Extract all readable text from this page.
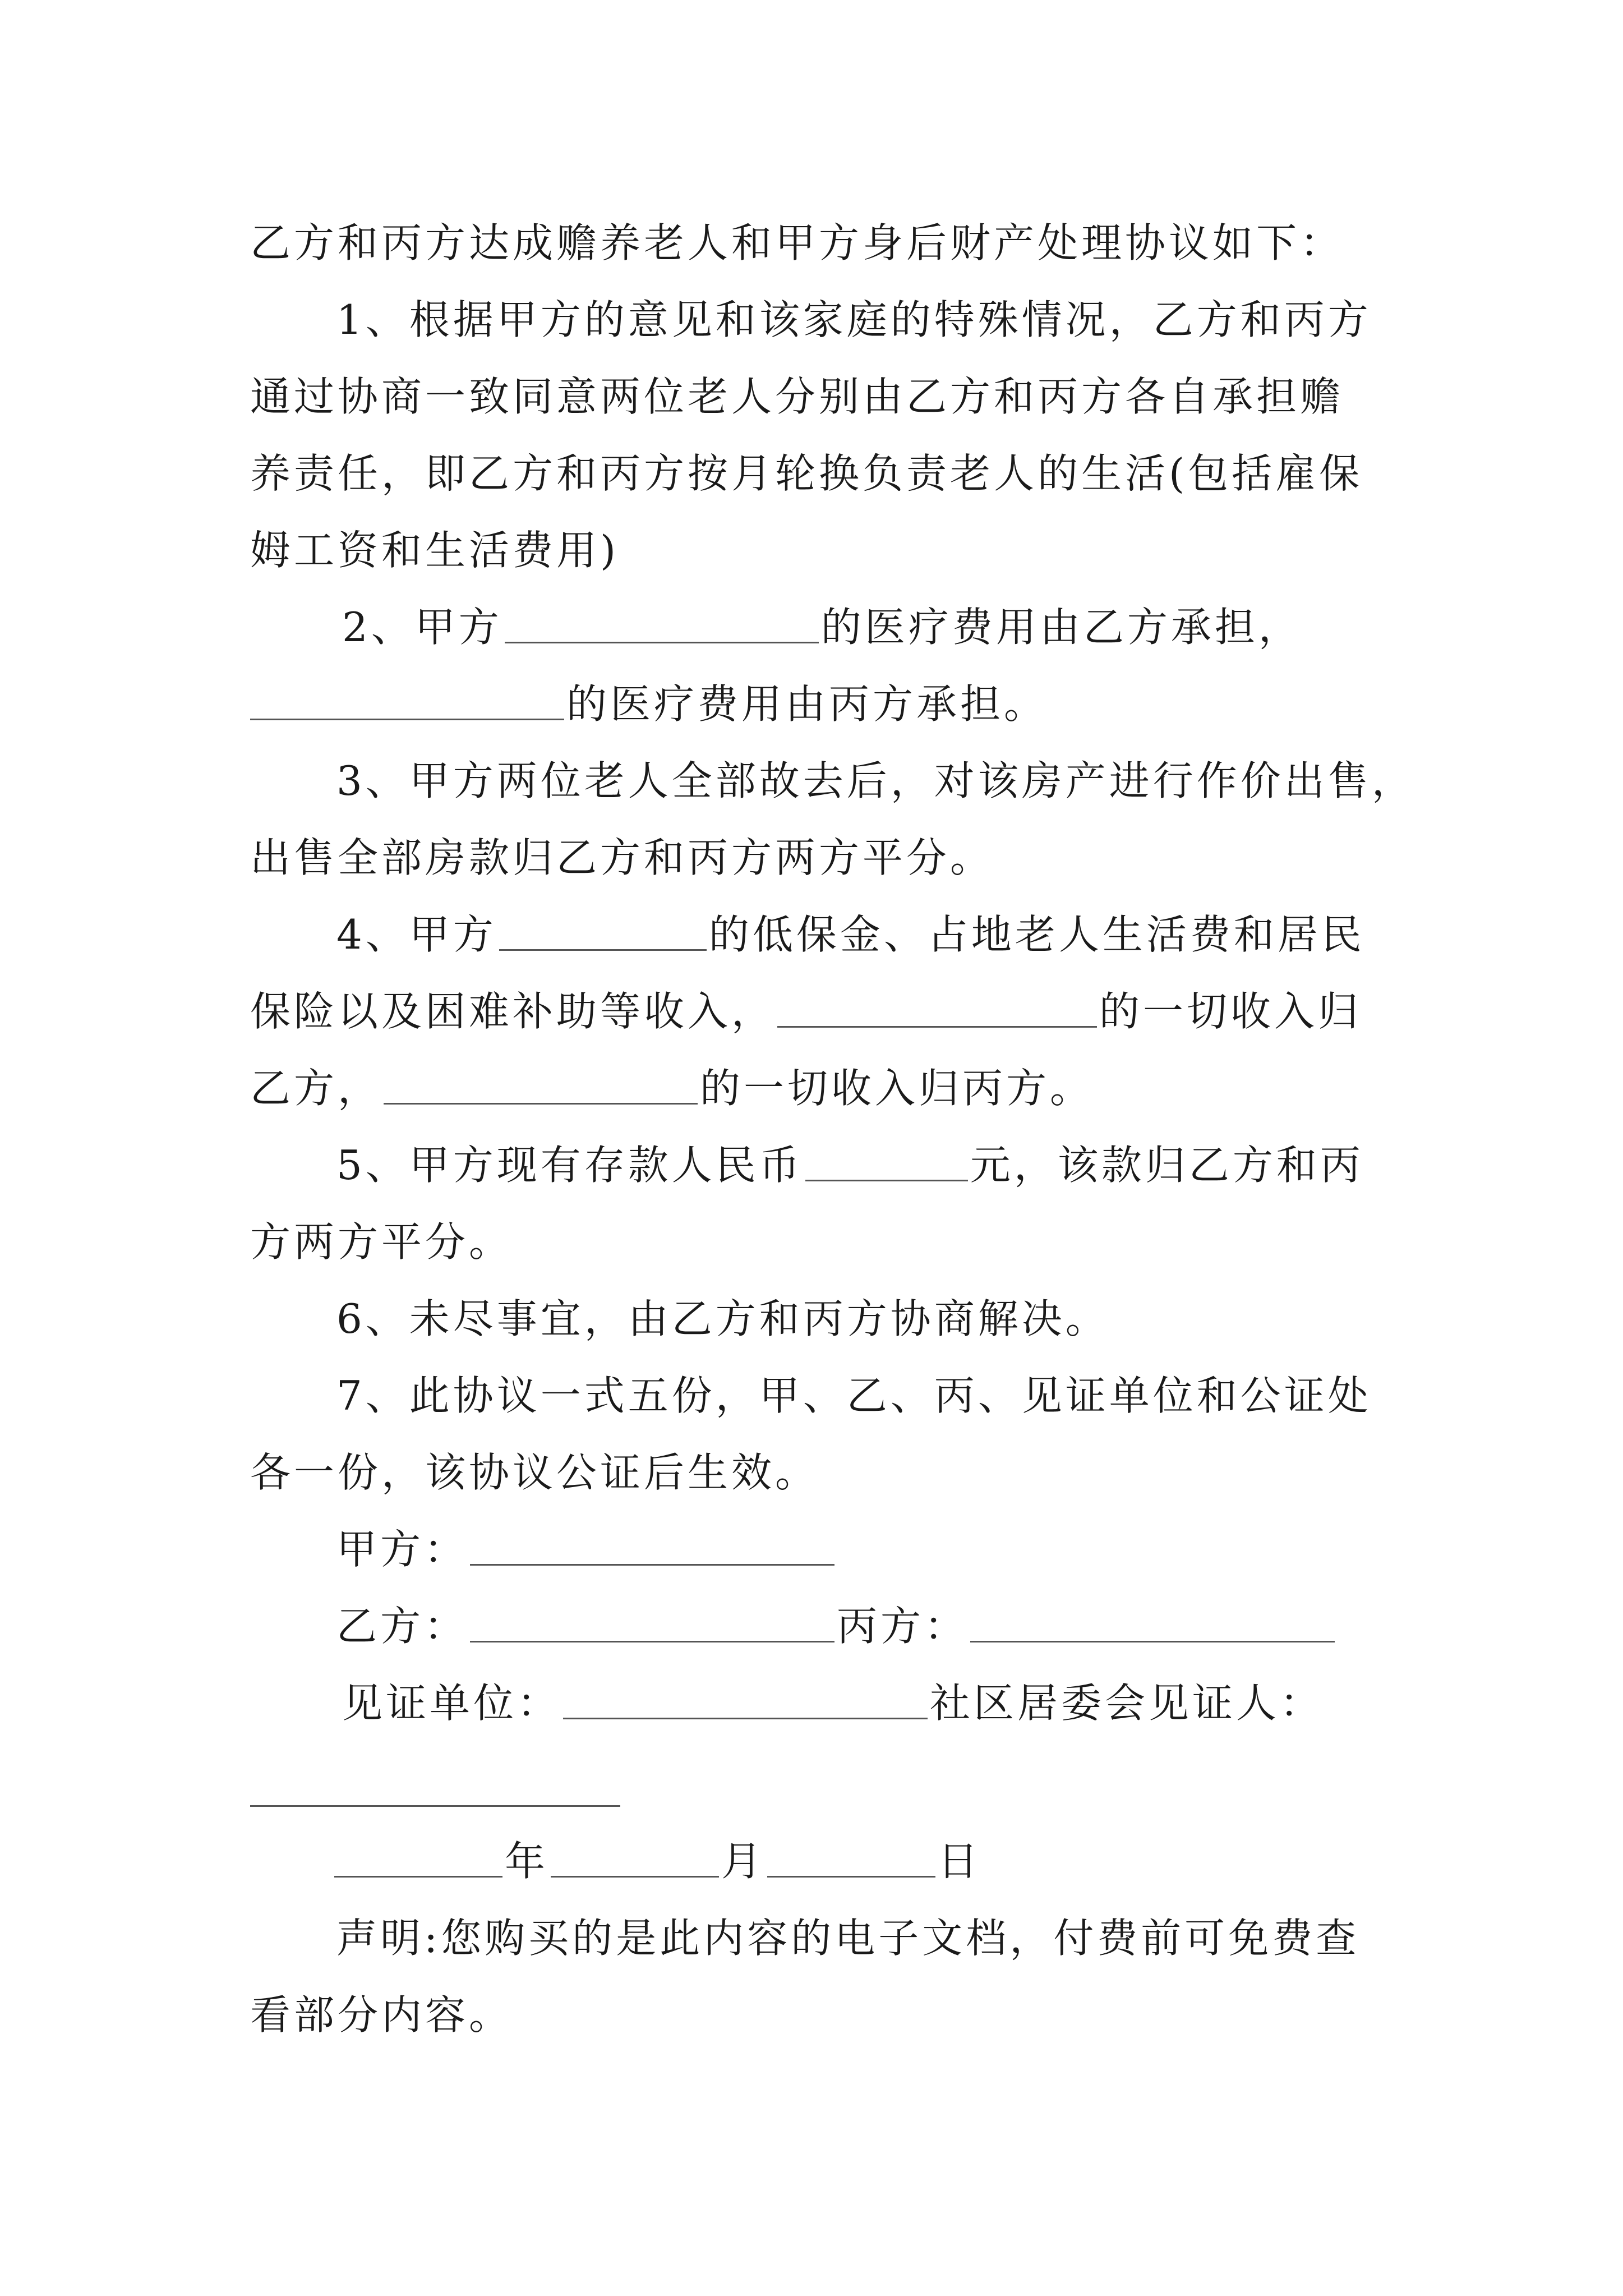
乙方和丙方达成赡养老人和甲方身后财产处理协议如下：
1、根据甲方的意见和该家庭的特殊情况，乙方和丙方
通过协商一致同意两位老人分别由乙方和丙方各自承担赡
养责任，即乙方和丙方按月轮换负责老人的生活(包括雇保
姆工资和生活费用)
2、甲方	的医疗费用由乙方承担，
的医疗费用由丙方承担。
3、甲方两位老人全部故去后，对该房产进行作价出售，
出售全部房款归乙方和丙方两方平分。
4、甲方	的低保金、占地老人生活费和居民
保险以及困难补助等收入，	的一切收入归
乙方，	的一切收入归丙方。
5、甲方现有存款人民币	元，该款归乙方和丙
方两方平分。
6、未尽事宜，由乙方和丙方协商解决。
7、此协议一式五份，甲、乙、丙、见证单位和公证处
各一份，该协议公证后生效。
甲方：
乙方：	丙方：
见证单位：	社区居委会见证人：
年	月	日
声明:您购买的是此内容的电子文档，付费前可免费查
看部分内容。
